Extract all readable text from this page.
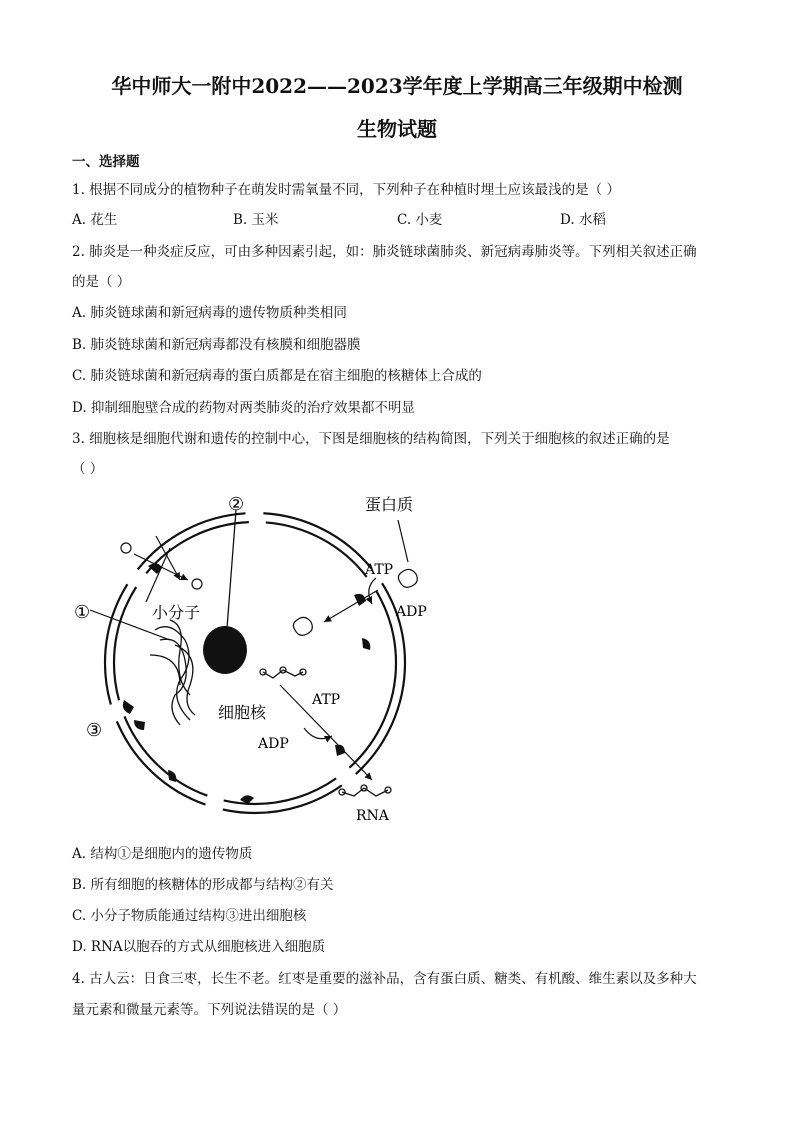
华中师大一附中2022——2023学年度上学期高三年级期中检测
生物试题
一、选择题
1. 根据不同成分的植物种子在萌发时需氧量不同，下列种子在种植时埋土应该最浅的是（ ）
A. 花生	B. 玉米	C. 小麦	D. 水稻
2. 肺炎是一种炎症反应，可由多种因素引起，如：肺炎链球菌肺炎、新冠病毒肺炎等。下列相关叙述正确
的是（ ）
A. 肺炎链球菌和新冠病毒的遗传物质种类相同
B. 肺炎链球菌和新冠病毒都没有核膜和细胞器膜
C. 肺炎链球菌和新冠病毒的蛋白质都是在宿主细胞的核糖体上合成的
D. 抑制细胞壁合成的药物对两类肺炎的治疗效果都不明显
3. 细胞核是细胞代谢和遗传的控制中心，下图是细胞核的结构简图，下列关于细胞核的叙述正确的是
（ ）
②	蛋白质
ATP
ADP
①	小分子
③
细胞核
ATP
ADP
RNA
A. 结构①是细胞内的遗传物质
B. 所有细胞的核糖体的形成都与结构②有关
C. 小分子物质能通过结构③进出细胞核
D. RNA以胞吞的方式从细胞核进入细胞质
4. 古人云：日食三枣，长生不老。红枣是重要的滋补品，含有蛋白质、糖类、有机酸、维生素以及多种大
量元素和微量元素等。下列说法错误的是（ ）
